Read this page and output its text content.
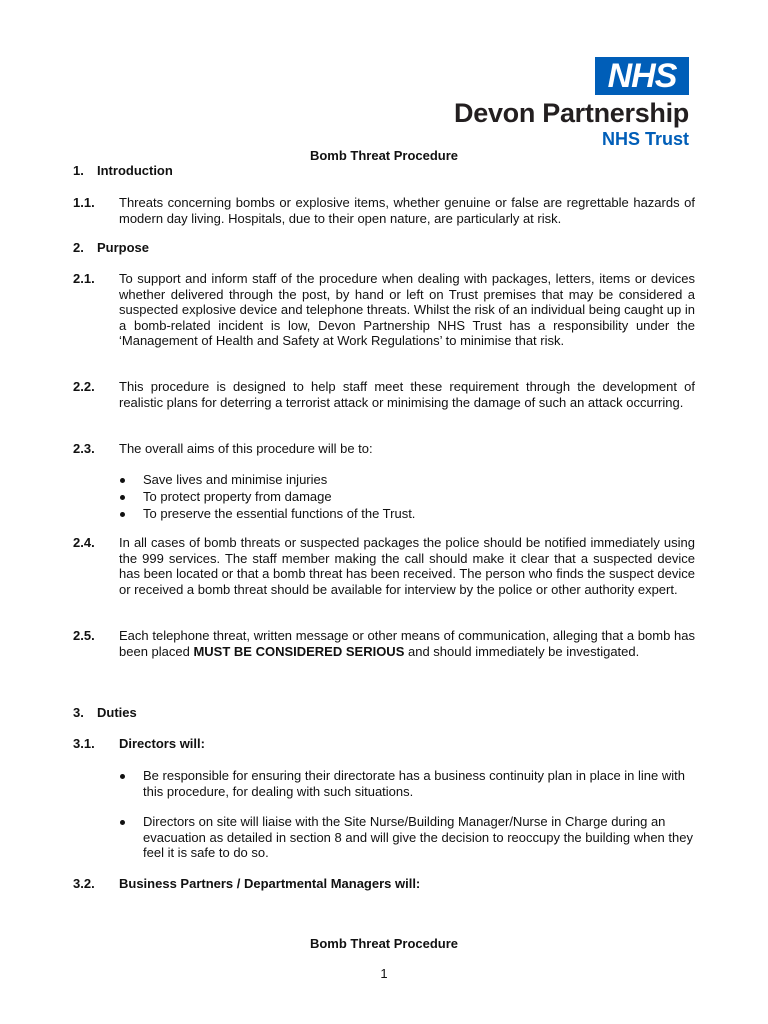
NHS
Devon Partnership
NHS Trust
Bomb Threat Procedure
1. Introduction
1.1. Threats concerning bombs or explosive items, whether genuine or false are regrettable hazards of modern day living. Hospitals, due to their open nature, are particularly at risk.
2. Purpose
2.1. To support and inform staff of the procedure when dealing with packages, letters, items or devices whether delivered through the post, by hand or left on Trust premises that may be considered a suspected explosive device and telephone threats. Whilst the risk of an individual being caught up in a bomb-related incident is low, Devon Partnership NHS Trust has a responsibility under the ‘Management of Health and Safety at Work Regulations’ to minimise that risk.
2.2. This procedure is designed to help staff meet these requirement through the development of realistic plans for deterring a terrorist attack or minimising the damage of such an attack occurring.
2.3. The overall aims of this procedure will be to:
Save lives and minimise injuries
To protect property from damage
To preserve the essential functions of the Trust.
2.4. In all cases of bomb threats or suspected packages the police should be notified immediately using the 999 services. The staff member making the call should make it clear that a suspected device has been located or that a bomb threat has been received. The person who finds the suspect device or received a bomb threat should be available for interview by the police or other authority expert.
2.5. Each telephone threat, written message or other means of communication, alleging that a bomb has been placed MUST BE CONSIDERED SERIOUS and should immediately be investigated.
3. Duties
3.1. Directors will:
Be responsible for ensuring their directorate has a business continuity plan in place in line with this procedure, for dealing with such situations.
Directors on site will liaise with the Site Nurse/Building Manager/Nurse in Charge during an evacuation as detailed in section 8 and will give the decision to reoccupy the building when they feel it is safe to do so.
3.2. Business Partners / Departmental Managers will:
Bomb Threat Procedure
1
